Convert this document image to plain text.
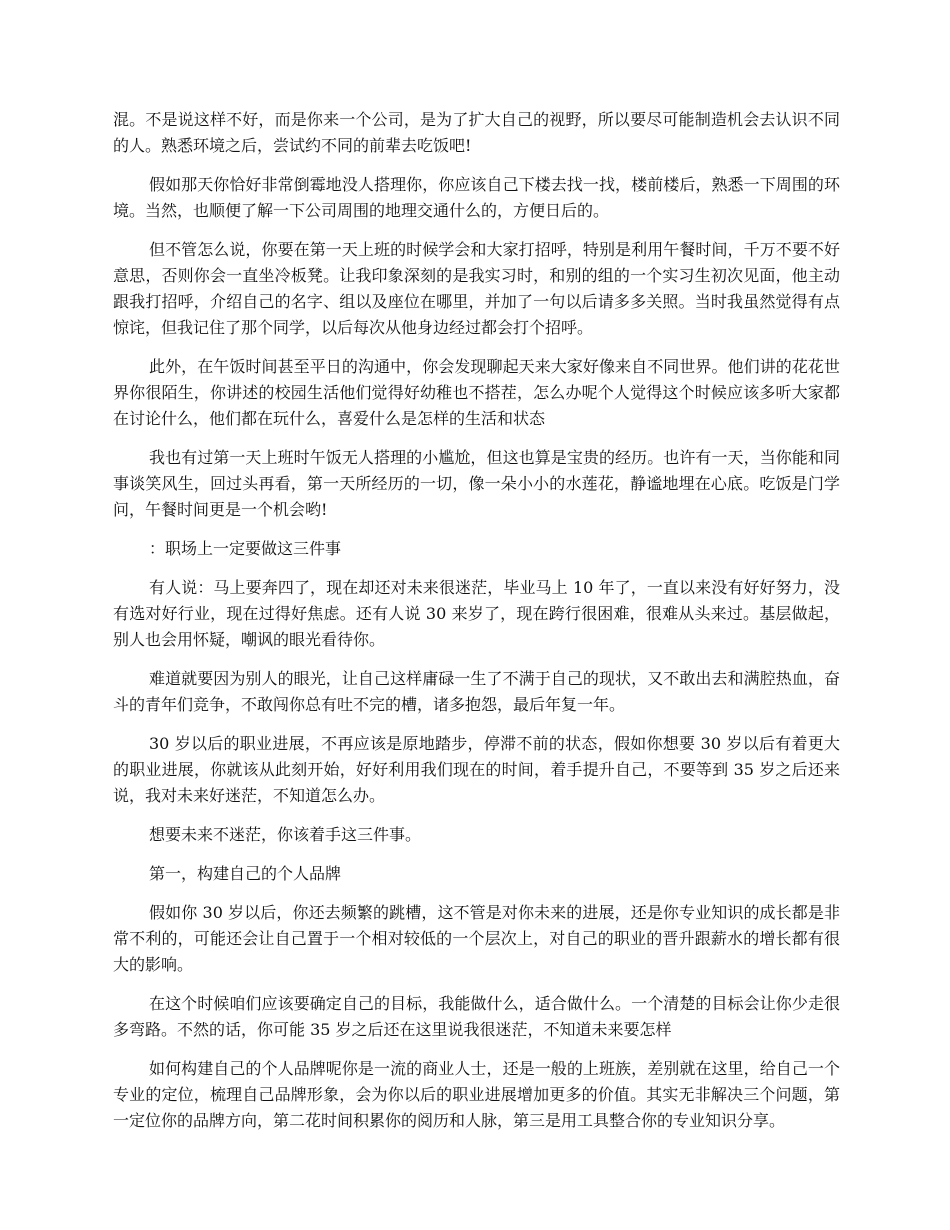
混。不是说这样不好，而是你来一个公司，是为了扩大自己的视野，所以要尽可能制造机会去认识不同的人。熟悉环境之后，尝试约不同的前辈去吃饭吧!

假如那天你恰好非常倒霉地没人搭理你，你应该自己下楼去找一找，楼前楼后，熟悉一下周围的环境。当然，也顺便了解一下公司周围的地理交通什么的，方便日后的。

但不管怎么说，你要在第一天上班的时候学会和大家打招呼，特别是利用午餐时间，千万不要不好意思，否则你会一直坐冷板凳。让我印象深刻的是我实习时，和别的组的一个实习生初次见面，他主动跟我打招呼，介绍自己的名字、组以及座位在哪里，并加了一句以后请多多关照。当时我虽然觉得有点惊诧，但我记住了那个同学，以后每次从他身边经过都会打个招呼。

此外，在午饭时间甚至平日的沟通中，你会发现聊起天来大家好像来自不同世界。他们讲的花花世界你很陌生，你讲述的校园生活他们觉得好幼稚也不搭茬，怎么办呢个人觉得这个时候应该多听大家都在讨论什么，他们都在玩什么，喜爱什么是怎样的生活和状态

我也有过第一天上班时午饭无人搭理的小尴尬，但这也算是宝贵的经历。也许有一天，当你能和同事谈笑风生，回过头再看，第一天所经历的一切，像一朵小小的水莲花，静谧地埋在心底。吃饭是门学问，午餐时间更是一个机会哟!

：职场上一定要做这三件事

有人说：马上要奔四了，现在却还对未来很迷茫，毕业马上 10 年了，一直以来没有好好努力，没有选对好行业，现在过得好焦虑。还有人说 30 来岁了，现在跨行很困难，很难从头来过。基层做起，别人也会用怀疑，嘲讽的眼光看待你。

难道就要因为别人的眼光，让自己这样庸碌一生了不满于自己的现状，又不敢出去和满腔热血，奋斗的青年们竞争，不敢闯你总有吐不完的槽，诸多抱怨，最后年复一年。

30 岁以后的职业进展，不再应该是原地踏步，停滞不前的状态，假如你想要 30 岁以后有着更大的职业进展，你就该从此刻开始，好好利用我们现在的时间，着手提升自己，不要等到 35 岁之后还来说，我对未来好迷茫，不知道怎么办。

想要未来不迷茫，你该着手这三件事。

第一，构建自己的个人品牌

假如你 30 岁以后，你还去频繁的跳槽，这不管是对你未来的进展，还是你专业知识的成长都是非常不利的，可能还会让自己置于一个相对较低的一个层次上，对自己的职业的晋升跟薪水的增长都有很大的影响。

在这个时候咱们应该要确定自己的目标，我能做什么，适合做什么。一个清楚的目标会让你少走很多弯路。不然的话，你可能 35 岁之后还在这里说我很迷茫，不知道未来要怎样

如何构建自己的个人品牌呢你是一流的商业人士，还是一般的上班族，差别就在这里，给自己一个专业的定位，梳理自己品牌形象，会为你以后的职业进展增加更多的价值。其实无非解决三个问题，第一定位你的品牌方向，第二花时间积累你的阅历和人脉，第三是用工具整合你的专业知识分享。
